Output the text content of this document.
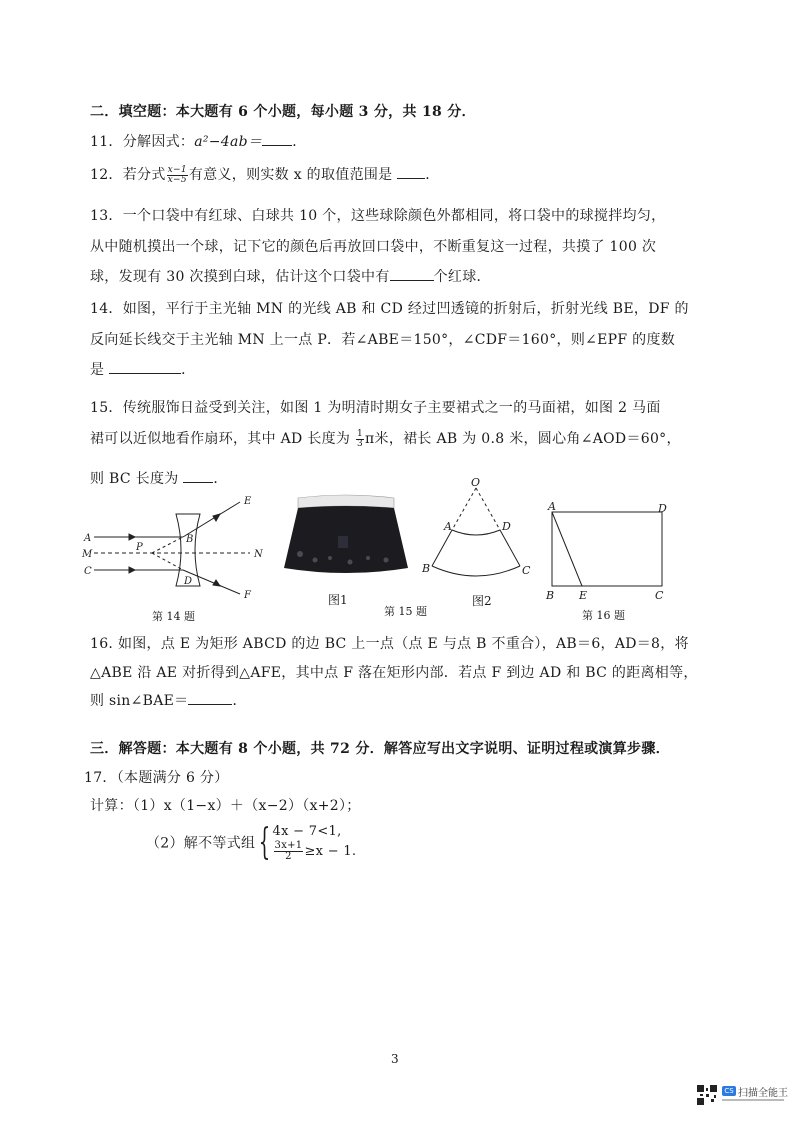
二．填空题：本大题有 6 个小题，每小题 3 分，共 18 分．
11．分解因式：a²−4ab＝ ．
12．若分式 $\frac{x-1}{x-5}$ 有意义，则实数 x 的取值范围是 ．
13．一个口袋中有红球、白球共 10 个，这些球除颜色外都相同，将口袋中的球搅拌均匀，
从中随机摸出一个球，记下它的颜色后再放回口袋中，不断重复这一过程，共摸了 100 次
球，发现有 30 次摸到白球，估计这个口袋中有	个红球．
14．如图，平行于主光轴 MN 的光线 AB 和 CD 经过凹透镜的折射后，折射光线 BE，DF 的
反向延长线交于主光轴 MN 上一点 P．若∠ABE＝150°，∠CDF＝160°，则∠EPF 的度数
是	．
15．传统服饰日益受到关注，如图 1 为明清时期女子主要裙式之一的马面裙，如图 2 马面
裙可以近似地看作扇环，其中 AD 长度为 $\frac{1}{3}$ π米，裙长 AB 为 0.8 米，圆心角∠AOD＝60°，
则 BC 长度为 ．
A
M
C
P
B
D
E
N
F
第 14 题
图1
第 15 题
O
A	D
B	C
图2
A	D
B E	C
第 16 题
16. 如图，点 E 为矩形 ABCD 的边 BC 上一点（点 E 与点 B 不重合），AB＝6，AD＝8，将
△ABE 沿 AE 对折得到△AFE，其中点 F 落在矩形内部．若点 F 到边 AD 和 BC 的距离相等，
则 sin∠BAE＝	．
三．解答题：本大题有 8 个小题，共 72 分．解答应写出文字说明、证明过程或演算步骤．
17．（本题满分 6 分）
计算：（1）x（1−x）＋（x−2）（x+2）；
（2）解不等式组 { 4x − 7<1,
$\frac{3x+1}{2} \ge x - 1$.
3
CS 扫描全能王
